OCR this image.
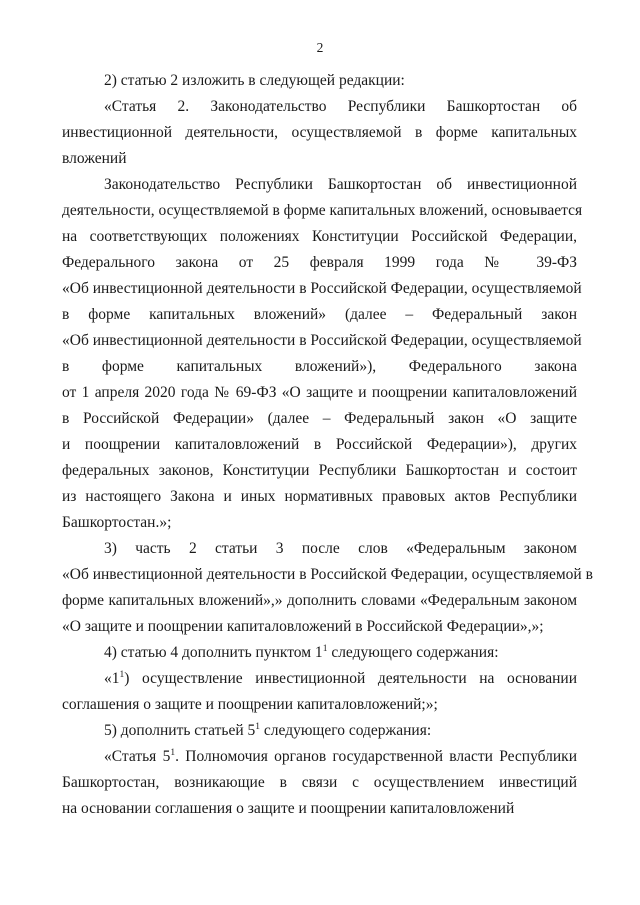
2
2) статью 2 изложить в следующей редакции:
«Статья 2. Законодательство Республики Башкортостан об
инвестиционной деятельности, осуществляемой в форме капитальных
вложений
Законодательство Республики Башкортостан об инвестиционной
деятельности, осуществляемой в форме капитальных вложений, основывается
на соответствующих положениях Конституции Российской Федерации,
Федерального закона от 25 февраля 1999 года № 39-ФЗ
«Об инвестиционной деятельности в Российской Федерации, осуществляемой
в форме капитальных вложений» (далее – Федеральный закон
«Об инвестиционной деятельности в Российской Федерации, осуществляемой
в форме капитальных вложений»), Федерального закона
от 1 апреля 2020 года № 69-ФЗ «О защите и поощрении капиталовложений
в Российской Федерации» (далее – Федеральный закон «О защите
и поощрении капиталовложений в Российской Федерации»), других
федеральных законов, Конституции Республики Башкортостан и состоит
из настоящего Закона и иных нормативных правовых актов Республики
Башкортостан.»;
3) часть 2 статьи 3 после слов «Федеральным законом
«Об инвестиционной деятельности в Российской Федерации, осуществляемой в
форме капитальных вложений»,» дополнить словами «Федеральным законом
«О защите и поощрении капиталовложений в Российской Федерации»,»;
4) статью 4 дополнить пунктом $1^1$ следующего содержания:
«$1^1$) осуществление инвестиционной деятельности на основании
соглашения о защите и поощрении капиталовложений;»;
5) дополнить статьей $5^1$ следующего содержания:
«Статья $5^1$. Полномочия органов государственной власти Республики
Башкортостан, возникающие в связи с осуществлением инвестиций
на основании соглашения о защите и поощрении капиталовложений
